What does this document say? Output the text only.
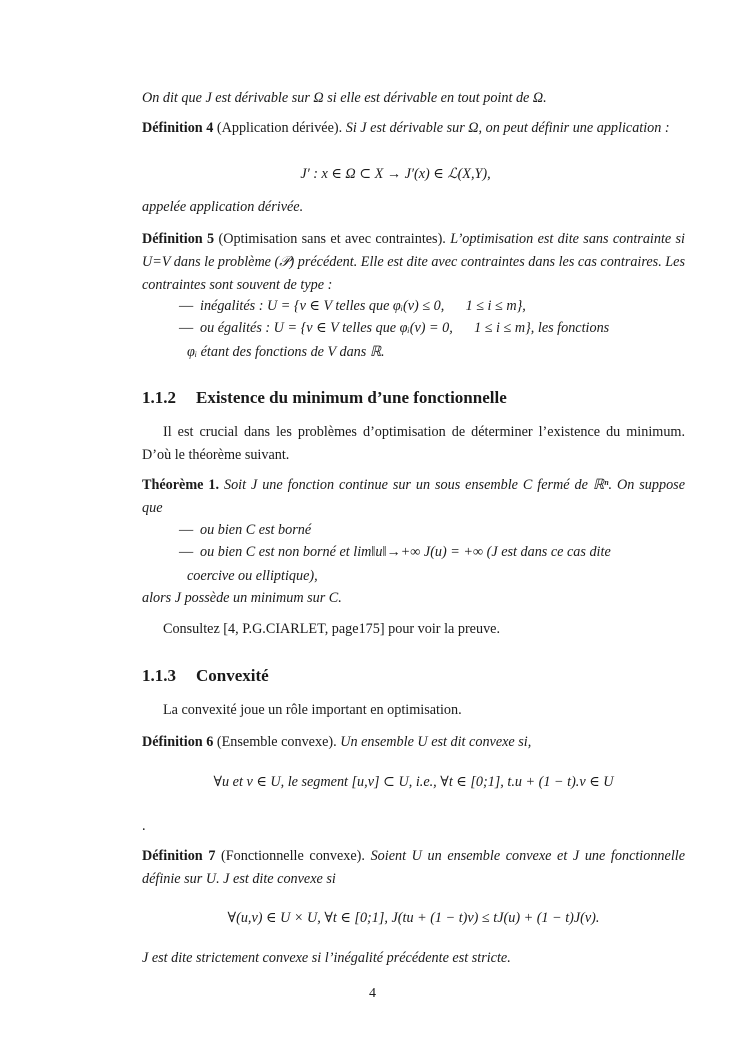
On dit que J est dérivable sur Ω si elle est dérivable en tout point de Ω.

Définition 4 (Application dérivée). Si J est dérivable sur Ω, on peut définir une application :

J′ : x ∈ Ω ⊂ X → J′(x) ∈ ℒ(X,Y),

appelée application dérivée.

Définition 5 (Optimisation sans et avec contraintes). L’optimisation est dite sans contrainte si U=V dans le problème (𝒫) précédent. Elle est dite avec contraintes dans les cas contraires. Les contraintes sont souvent de type :

— inégalités : U = {v ∈ V telles que φᵢ(v) ≤ 0,      1 ≤ i ≤ m},
— ou égalités : U = {v ∈ V telles que φᵢ(v) = 0,      1 ≤ i ≤ m}, les fonctions
φᵢ étant des fonctions de V dans ℝ.
1.1.2 Existence du minimum d’une fonctionnelle

Il est crucial dans les problèmes d’optimisation de déterminer l’existence du minimum. D’où le théorème suivant.

Théorème 1. Soit J une fonction continue sur un sous ensemble C fermé de ℝⁿ. On suppose que

— ou bien C est borné
— ou bien C est non borné et lim‖u‖→+∞ J(u) = +∞ (J est dans ce cas dite
coercive ou elliptique),

alors J possède un minimum sur C.

Consultez [4, P.G.CIARLET, page175] pour voir la preuve.

1.1.3 Convexité

La convexité joue un rôle important en optimisation.

Définition 6 (Ensemble convexe). Un ensemble U est dit convexe si,

∀u et v ∈ U, le segment [u,v] ⊂ U, i.e., ∀t ∈ [0;1], t.u + (1 − t).v ∈ U

.

Définition 7 (Fonctionnelle convexe). Soient U un ensemble convexe et J une fonctionnelle définie sur U. J est dite convexe si

∀(u,v) ∈ U × U, ∀t ∈ [0;1], J(tu + (1 − t)v) ≤ tJ(u) + (1 − t)J(v).

J est dite strictement convexe si l’inégalité précédente est stricte.

4
